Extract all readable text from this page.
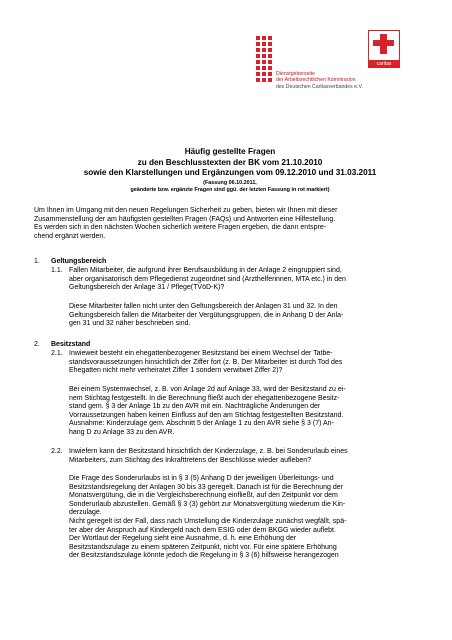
caritas
Dienstgeberseite
der Arbeitsrechtlichen Kommission
des Deutschen Caritasverbandes e.V.
Häufig gestellte Fragen
zu den Beschlusstexten der BK vom 21.10.2010
sowie den Klarstellungen und Ergänzungen vom 09.12.2010 und 31.03.2011
(Fassung 06.10.2011,
geänderte bzw. ergänzte Fragen sind ggü. der letzten Fassung in rot markiert)

Um Ihnen im Umgang mit den neuen Regelungen Sicherheit zu geben, bieten wir Ihnen mit dieser

Zusammenstellung der am häufigsten gestellten Fragen (FAQs) und Antworten eine Hilfestellung.

Es werden sich in den nächsten Wochen sicherlich weitere Fragen ergeben, die dann entspre-

chend ergänzt werden.

1. Geltungsbereich
1.1. Fallen Mitarbeiter, die aufgrund ihrer Berufsausbildung in der Anlage 2 eingruppiert sind,

aber organisatorisch dem Pflegedienst zugeordnet sind (Arzthelferinnen, MTA etc.) in den

Geltungsbereich der Anlage 31 / Pflege(TVöD-K)?

Diese Mitarbeiter fallen nicht unter den Geltungsbereich der Anlagen 31 und 32. In den

Geltungsbereich fallen die Mitarbeiter der Vergütungsgruppen, die in Anhang D der Anla-

gen 31 und 32 näher beschrieben sind.

2. Besitzstand
2.1. Inwieweit besteht ein ehegattenbezogener Besitzstand bei einem Wechsel der Tatbe-

standsvoraussetzungen hinsichtlich der Ziffer fort (z. B. Der Mitarbeiter ist durch Tod des

Ehegatten nicht mehr verheiratet Ziffer 1 sondern verwitwet Ziffer 2)?

Bei einem Systemwechsel, z. B. von Anlage 2d auf Anlage 33, wird der Besitzstand zu ei-

nem Stichtag festgestellt. In die Berechnung fließt auch der ehegattenbezogene Besitz-

stand gem. § 3 der Anlage 1b zu den AVR mit ein. Nachträgliche Änderungen der

Vorraussetzungen haben keinen Einfluss auf den am Stichtag festgestellten Besitzstand.

Ausnahme: Kinderzulage gem. Abschnitt 5 der Anlage 1 zu den AVR siehe § 3 (7) An-

hang D zu Anlage 33 zu den AVR.

2.2. Inwiefern kann der Besitzstand hinsichtlich der Kinderzulage, z. B. bei Sonderurlaub eines

Mitarbeiters, zum Stichtag des Inkrafttretens der Beschlüsse wieder aufleben?

Die Frage des Sonderurlaubs ist in § 3 (5) Anhang D der jeweiligen Überleitungs- und

Besitzstandsregelung der Anlagen 30 bis 33 geregelt. Danach ist für die Berechnung der

Monatsvergütung, die in die Vergleichsberechnung einfließt, auf den Zeitpunkt vor dem

Sonderurlaub abzustellen. Gemäß § 3 (3) gehört zur Monatsvergütung wiederum die Kin-

derzulage.

Nicht geregelt ist der Fall, dass nach Umstellung die Kinderzulage zunächst wegfällt, spä-

ter aber der Anspruch auf Kindergeld nach dem ESIG oder dem BKGG wieder auflebt.

Der Wortlaut der Regelung sieht eine Ausnahme, d. h. eine Erhöhung der

Besitzstandszulage zu einem späteren Zeitpunkt, nicht vor. Für eine spätere Erhöhung

der Besitzstandszulage könnte jedoch die Regelung in § 3 (6) hilfsweise herangezogen
